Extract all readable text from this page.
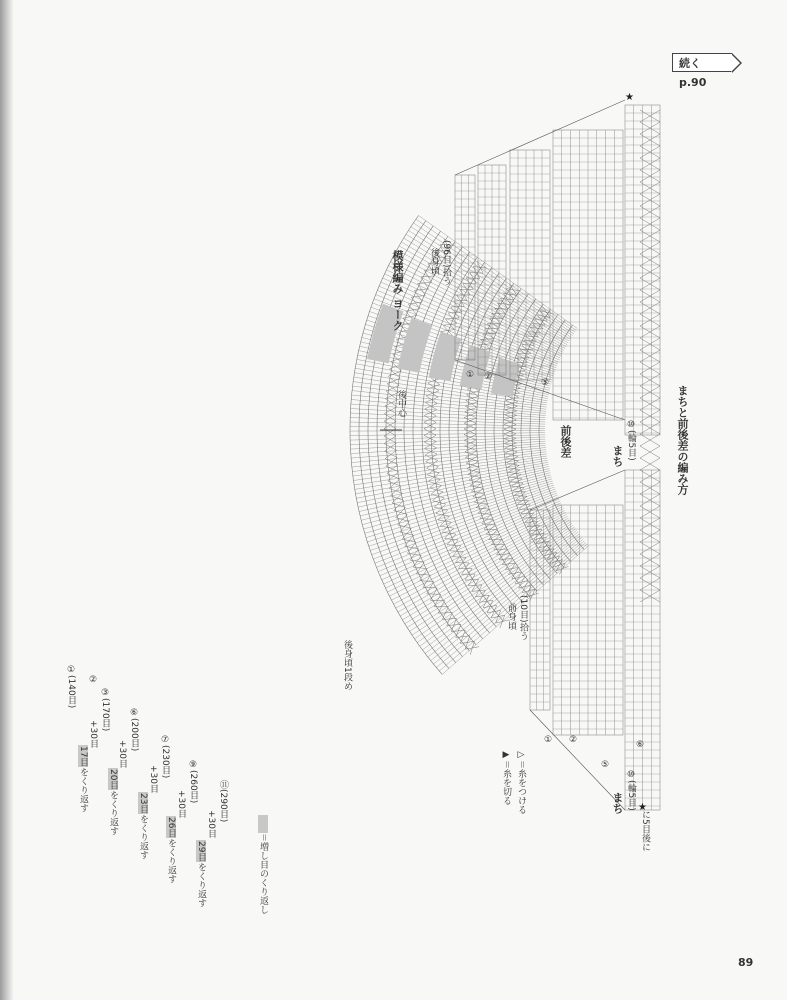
続く p.90
★
★
模様編み ヨーク
後中心
後身頃1段め
①(140目) ②
③(170目)
+30目
⑥(200目)
+30目	⑦(230目)
+30目	⑨(260目)
+30目
⑪(290目)
+30目
17目をくり返す 20目をくり返す 23目をくり返す 26目をくり返す 29目をくり返す	＝増し目のくり返し
まちと前後差の編み方
前後差
(96目)拾う
後身頃
(10目)拾う
前身頃
⑩(輪5目)
まち
⑩(輪5目)
まち
に5目後に
① ②
⑤
⑥
⑤
②
①
▷＝糸をつける
▶＝糸を切る
89
